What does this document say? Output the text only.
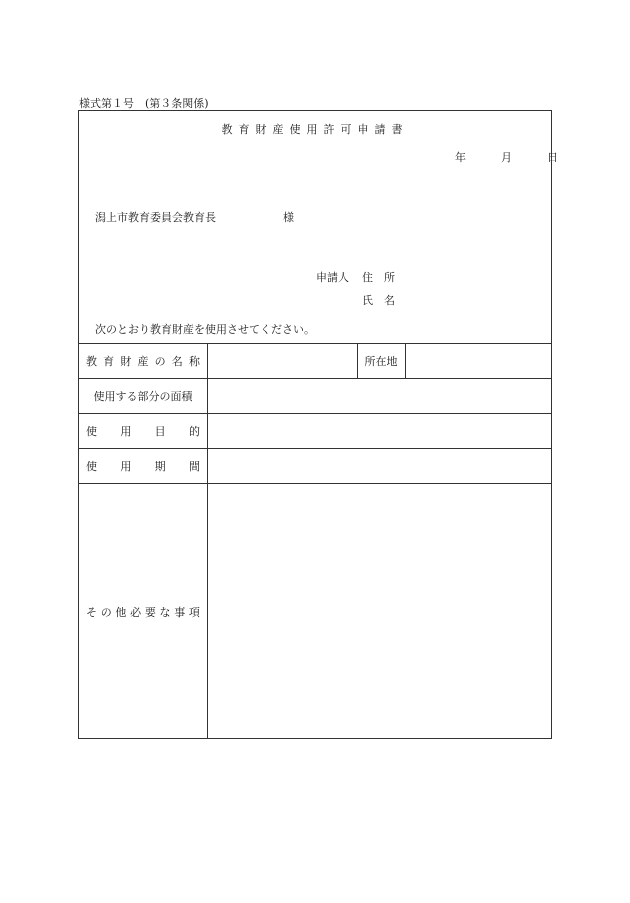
様式第１号　(第３条関係)
教育財産使用許可申請書
年	月	日
潟上市教育委員会教育長	様
申請人 住　所
氏　名
次のとおり教育財産を使用させてください。
教 育 財 産 の 名 称	所在地
使用する部分の面積
使 用 目 的
使 用 期 間
そ の 他 必 要 な 事 項
